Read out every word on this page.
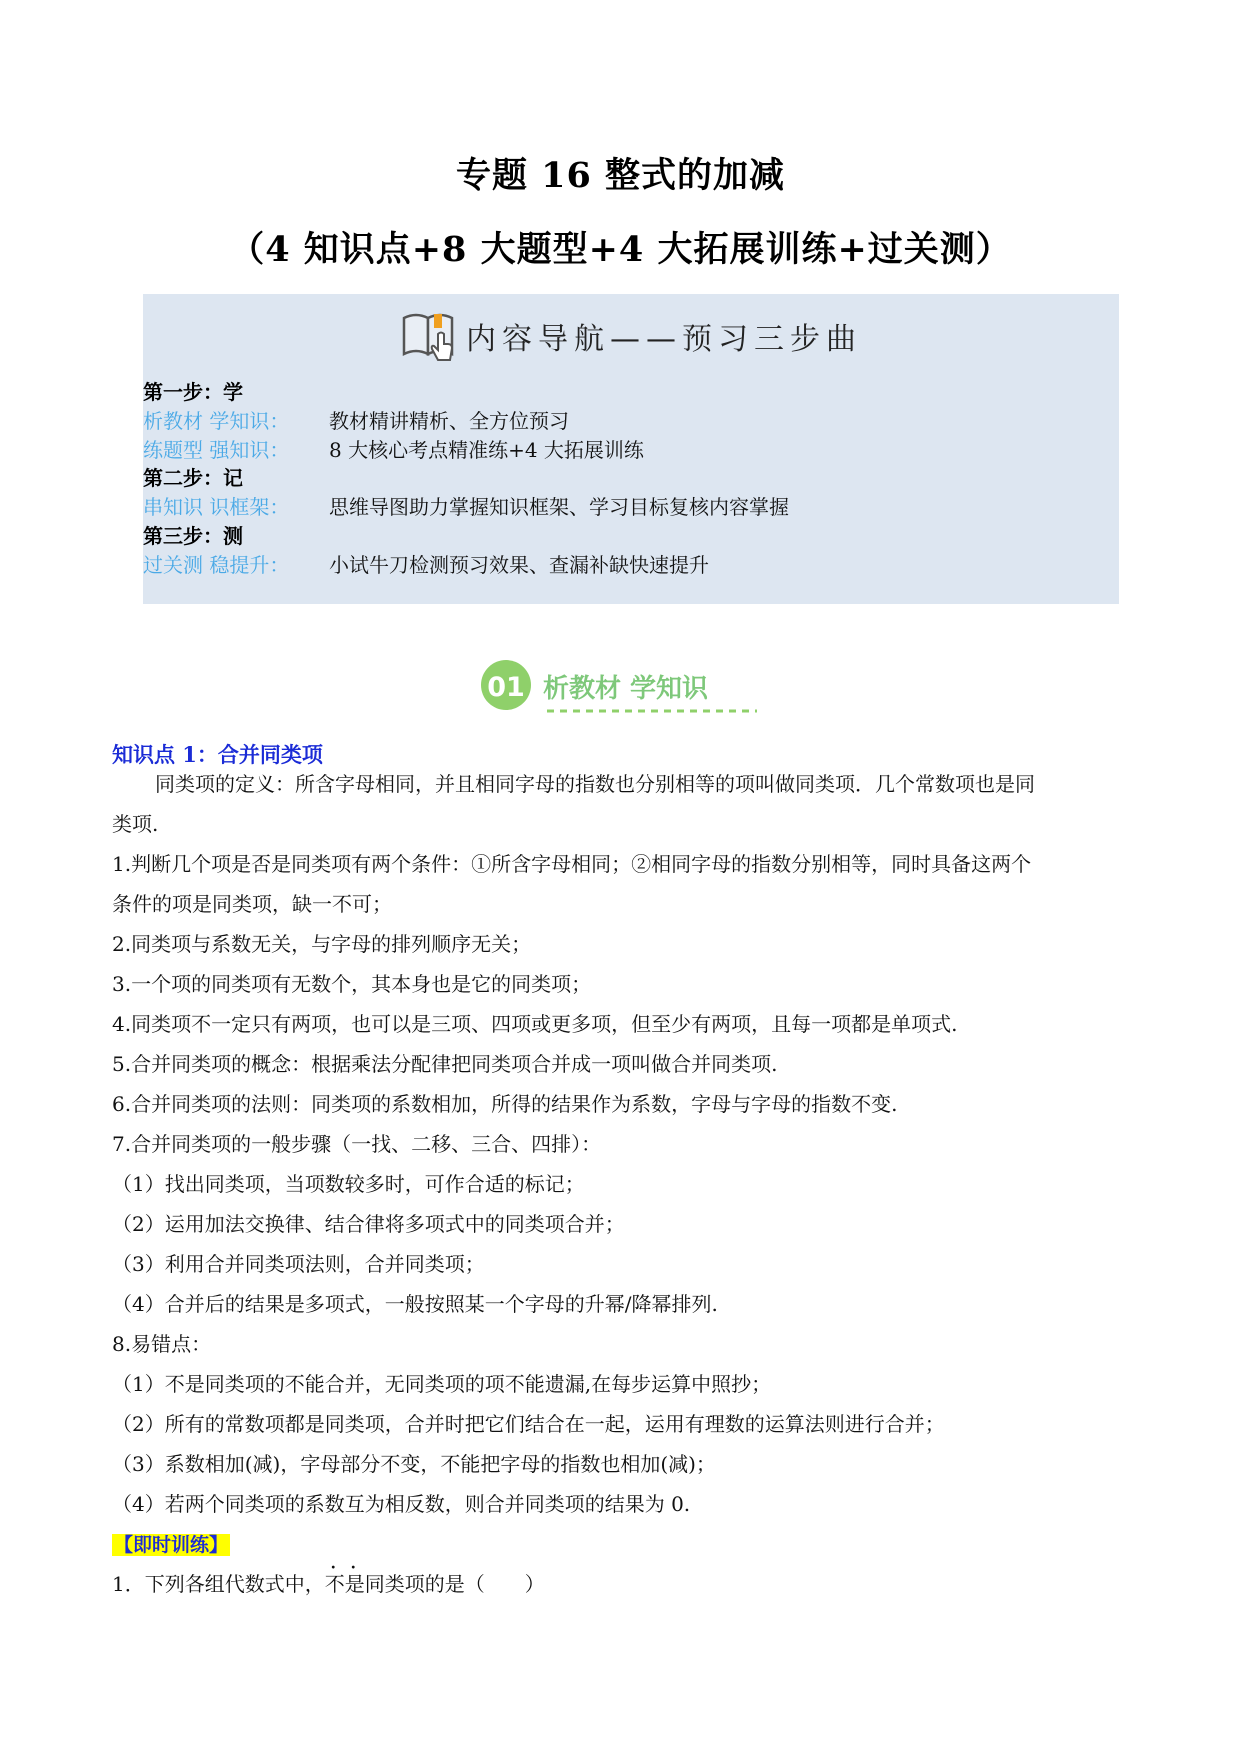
专题 16 整式的加减
（4 知识点+8 大题型+4 大拓展训练+过关测）
内容导航——预习三步曲
第一步：学
析教材 学知识：	教材精讲精析、全方位预习
练题型 强知识：	8 大核心考点精准练+4 大拓展训练
第二步：记
串知识 识框架：	思维导图助力掌握知识框架、学习目标复核内容掌握
第三步：测
过关测 稳提升：	小试牛刀检测预习效果、查漏补缺快速提升
01 析教材 学知识
知识点 1：合并同类项
同类项的定义：所含字母相同，并且相同字母的指数也分别相等的项叫做同类项．几个常数项也是同
类项.
1.判断几个项是否是同类项有两个条件：①所含字母相同；②相同字母的指数分别相等，同时具备这两个
条件的项是同类项，缺一不可；
2.同类项与系数无关，与字母的排列顺序无关；
3.一个项的同类项有无数个，其本身也是它的同类项；
4.同类项不一定只有两项，也可以是三项、四项或更多项，但至少有两项，且每一项都是单项式.
5.合并同类项的概念：根据乘法分配律把同类项合并成一项叫做合并同类项.
6.合并同类项的法则：同类项的系数相加，所得的结果作为系数，字母与字母的指数不变.
7.合并同类项的一般步骤（一找、二移、三合、四排）：
（1）找出同类项，当项数较多时，可作合适的标记；
（2）运用加法交换律、结合律将多项式中的同类项合并；
（3）利用合并同类项法则，合并同类项；
（4）合并后的结果是多项式，一般按照某一个字母的升幂/降幂排列.
8.易错点：
（1）不是同类项的不能合并，无同类项的项不能遗漏,在每步运算中照抄；
（2）所有的常数项都是同类项，合并时把它们结合在一起，运用有理数的运算法则进行合并；
（3）系数相加(减)，字母部分不变，不能把字母的指数也相加(减)；
（4）若两个同类项的系数互为相反数，则合并同类项的结果为 0.
【即时训练】
1．下列各组代数式中，不是同类项的是（　　）
